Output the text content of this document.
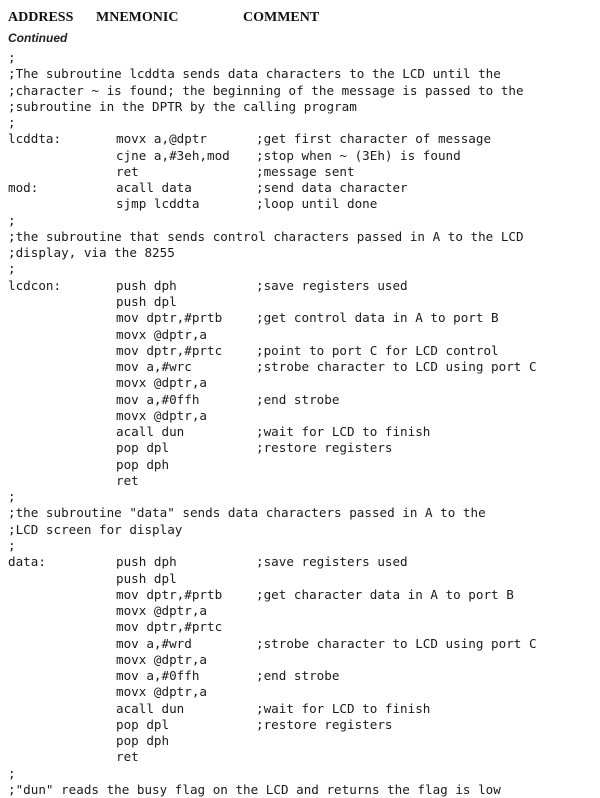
ADDRESS MNEMONIC	COMMENT
Continued
;
;The subroutine lcddta sends data characters to the LCD until the
;character ~ is found; the beginning of the message is passed to the
;subroutine in the DPTR by the calling program
;
lcddta:	movx a,@dptr	;get first character of message
cjne a,#3eh,mod ;stop when ~ (3Eh) is found
ret	;message sent
mod:	acall data	;send data character
sjmp lcddta	;loop until done
;
;the subroutine that sends control characters passed in A to the LCD
;display, via the 8255
;
lcdcon:	push dph	;save registers used
push dpl
mov dptr,#prtb	;get control data in A to port B
movx @dptr,a
mov dptr,#prtc	;point to port C for LCD control
mov a,#wrc	;strobe character to LCD using port C
movx @dptr,a
mov a,#0ffh	;end strobe
movx @dptr,a
acall dun	;wait for LCD to finish
pop dpl	;restore registers
pop dph
ret
;
;the subroutine "data" sends data characters passed in A to the
;LCD screen for display
;
data:	push dph	;save registers used
push dpl
mov dptr,#prtb	;get character data in A to port B
movx @dptr,a
mov dptr,#prtc
mov a,#wrd	;strobe character to LCD using port C
movx @dptr,a
mov a,#0ffh	;end strobe
movx @dptr,a
acall dun	;wait for LCD to finish
pop dpl	;restore registers
pop dph
ret
;
;"dun" reads the busy flag on the LCD and returns the flag is low
